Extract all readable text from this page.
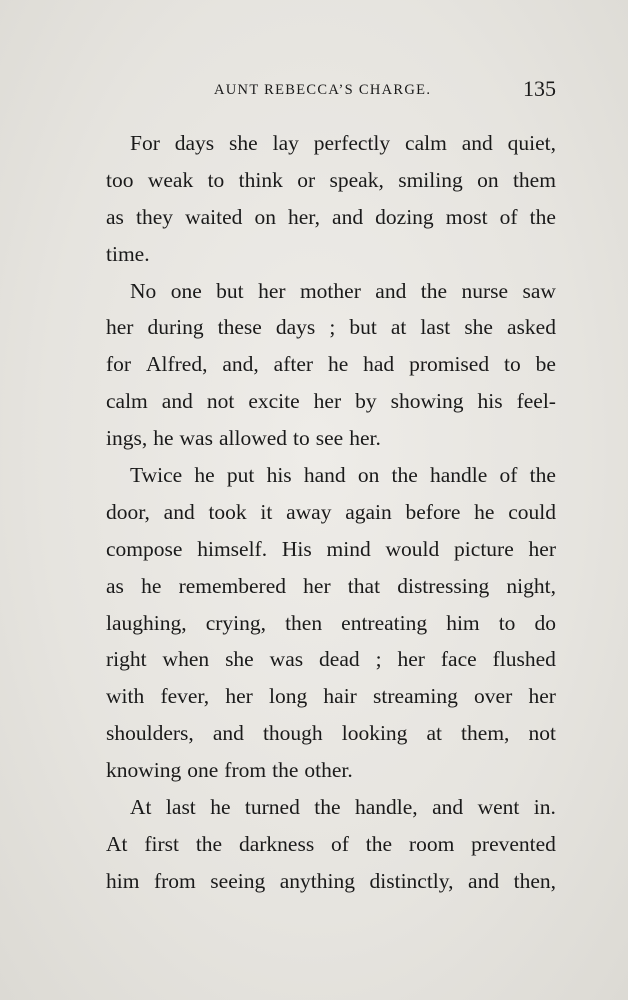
AUNT REBECCA’S CHARGE.	135
For days she lay perfectly calm and quiet,
too weak to think or speak, smiling on them
as they waited on her, and dozing most of the
time.
No one but her mother and the nurse saw
her during these days ; but at last she asked
for Alfred, and, after he had promised to be
calm and not excite her by showing his feel-
ings, he was allowed to see her.
Twice he put his hand on the handle of the
door, and took it away again before he could
compose himself. His mind would picture her
as he remembered her that distressing night,
laughing, crying, then entreating him to do
right when she was dead ; her face flushed
with fever, her long hair streaming over her
shoulders, and though looking at them, not
knowing one from the other.
At last he turned the handle, and went in.
At first the darkness of the room prevented
him from seeing anything distinctly, and then,
